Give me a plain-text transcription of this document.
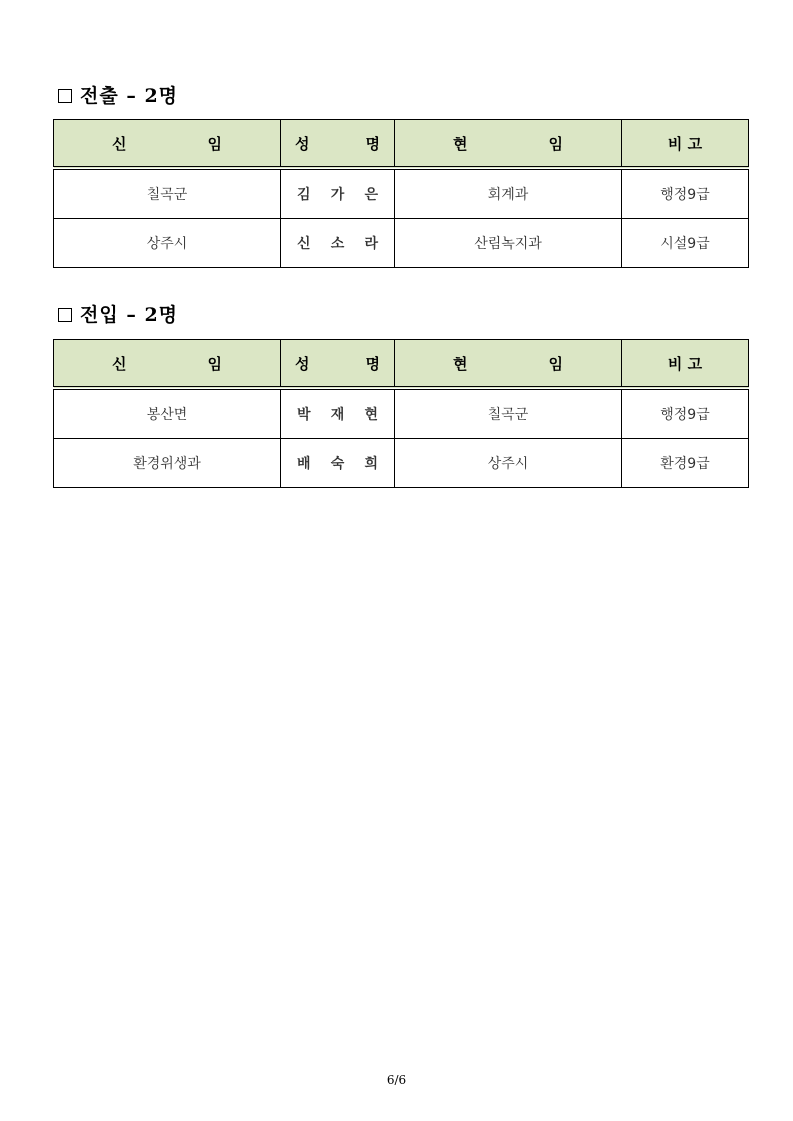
전출 – 2명
신 임	성 명	현 임	비 고
칠곡군	김 가 은	회계과	행정9급
상주시	신 소 라	산림녹지과	시설9급
전입 – 2명
신 임	성 명	현 임	비 고
봉산면	박 재 현	칠곡군	행정9급
환경위생과	배 숙 희	상주시	환경9급
6/6
